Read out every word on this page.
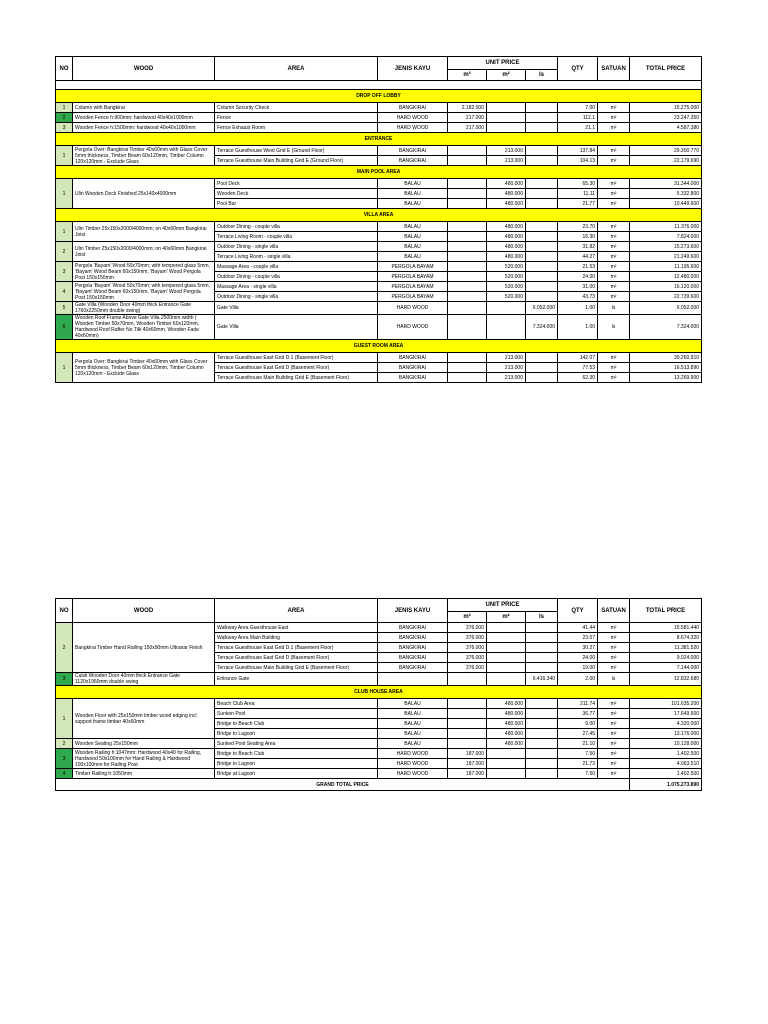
NO	WOOD	AREA	JENIS KAYU	UNIT PRICE			QTY	SATUAN	TOTAL PRICE
				m³	m²	ls			

DROP OFF LOBBY									
1	Column with Bangkirai	Column Security Check	BANGKIRAI	2.182.000			7.00	m²	15.275.000
2	Wooden Fence h:900mm: hardwood 40x40x1000mm	Fence	HARD WOOD	217.000			112.1	m²	23.247.350
3	Wooden Fence h:1500mm: hardwood 40x40x1000mm	Fence Exhaust Room	HARD WOOD	217.000			21.1	m²	4.587.380
ENTRANCE									
1	Pergola Over: Bangkirai Timber 40x60mm with Glass Cover 5mm thickness, Timber Beam 60x120mm, Timber Column 120x120mm - Exclude Glass	Terrace Guesthouse West Grid E (Ground Floor)	BANGKIRAI		213.000		137.84	m²	29.300.770
		Terrace Guesthouse Main Building Grid E (Ground Floor)	BANGKIRAI		213.000		104.13	m²	22.179.690
MAIN POOL AREA									
1	Ulin Wooden Deck Finished 25x140x4000mm	Pool Deck	BALAU		480.000		65.30	m²	31.344.000
		Wooden Deck	BALAU		480.000		11.11	m²	5.332.800
		Pool Bar	BALAU		480.000		21.77	m²	10.449.600
VILLA AREA									
1	Ulin Timber 25x150x2000/4000mm; on 40x60mm Bangkirai Joist	Outdoor Dining - couple villa	BALAU		480.000		23.70	m²	11.376.000
		Terrace Living Room - couple villa	BALAU		480.000		16.30	m²	7.824.000
2	Ulin Timber 25x150x2000/4000mm; on 40x60mm Bangkirai Joist	Outdoor Dining - single villa	BALAU		480.000		31.82	m²	15.273.600
		Terrace Living Room - single villa	BALAU		480.000		44.27	m²	21.249.600
3	Pergola 'Bayam' Wood 50x70mm; with tempered glass 5mm, 'Bayam' Wood Beam 60x150mm, 'Bayam' Wood Pergola Post 150x150mm	Massage Area - couple villa	PERGOLA BAYAM		520.000		21.53	m²	11.195.600
		Outdoor Dining - couple villa	PERGOLA BAYAM		520.000		24.00	m²	12.480.000
4	Pergola 'Bayam' Wood 50x70mm; with tempered glass 5mm, 'Bayam' Wood Beam 60x150mm, 'Bayam' Wood Pergola Post 150x150mm	Massage Area - single villa	PERGOLA BAYAM		520.000		31.00	m²	16.120.000
		Outdoor Dining - single villa	PERGOLA BAYAM		520.000		43.73	m²	22.739.600
5	Gate Villa (Wooden Door 40mm thick Entrance Gate 1760x2250mm double swing)	Gate Villa	HARD WOOD			6.052.000	1.00	ls	6.052.000
6	Wooden Roof Frame Above Gate Villa 2500mm width ( Wooden Timber 50x70mm, Wooden Timber 60x120mm, Hardwood Roof Rafter No Tilk 40x60mm, Wooden Fade 40x60mm)	Gate Villa	HARD WOOD			7.324.000	1.00	ls	7.324.000
GUEST ROOM AREA									
1	Pergola Over: Bangkirai Timber 40x60mm with Glass Cover 5mm thickness, Timber Beam 60x120mm, Timber Column 120x120mm - Exclude Glass	Terrace Guesthouse East Grid D.1 (Basement Floor)	BANGKIRAI		213.000		142.07	m²	30.260.910
		Terrace Guesthouse East Grid D (Basement Floor)	BANGKIRAI		213.000		77.53	m²	16.513.890
		Terrace Guesthouse Main Building Grid E (Basement Floor)	BANGKIRAI		213.000		62.30	m²	13.269.900
NO	WOOD	AREA	JENIS KAYU	UNIT PRICE			QTY	SATUAN	TOTAL PRICE
				m³	m²	ls			
2	Bangkirai Timber Hand Railing 150x90mm Ultranar Finish	Walkway Area Guesthouse East	BANGKIRAI	376.000			41.44	m²	15.581.440
		Walkway Area Main Building	BANGKIRAI	376.000			23.07	m²	8.674.320
		Terrace Guesthouse East Grid D.1 (Basement Floor)	BANGKIRAI	376.000			30.27	m²	11.381.520
		Terrace Guesthouse East Grid D (Basement Floor)	BANGKIRAI	376.000			24.00	m²	9.024.000
		Terrace Guesthouse Main Building Grid E (Basement Floor)	BANGKIRAI	376.000			19.00	m²	7.144.000
3	Culsli Wooden Door 40mm thick Entrance Gate 1120x1960mm double swing	Entrance Gate				6.416.340	2.00	ls	12.832.680
CLUB HOUSE AREA									
1	Wooden Floor with 25x150mm timber wood edging incl support frame timber 40x60mm	Beach Club Area	BALAU		480.000		211.74	m²	101.635.200
		Sunken Pool	BALAU		480.000		36.77	m²	17.649.600
		Bridge to Beach Club	BALAU		480.000		9.00	m²	4.320.000
		Bridge to Lagoon	BALAU		480.000		27.45	m²	13.176.000
2	Wooden Seating 25x150mm	Sunked Pool Seating Area	BALAU		480.000		21.10	m²	10.128.000
3	Wooden Railing h:1047mm: Hardwood 40x40 for Railing, Hardwood 50x100mm for Hand Railing & Hardwood 100x100mm for Railing Post	Bridge to Beach Club	HARD WOOD	187.000			7.50	m²	1.402.500
		Bridge to Lagoon	HARD WOOD	187.000			21.73	m²	4.063.510
4	Timber Railing h:1050mm	Bridge at Lagoon	HARD WOOD	187.000			7.50	m²	1.402.500
GRAND TOTAL PRICE									1.075.273.890
